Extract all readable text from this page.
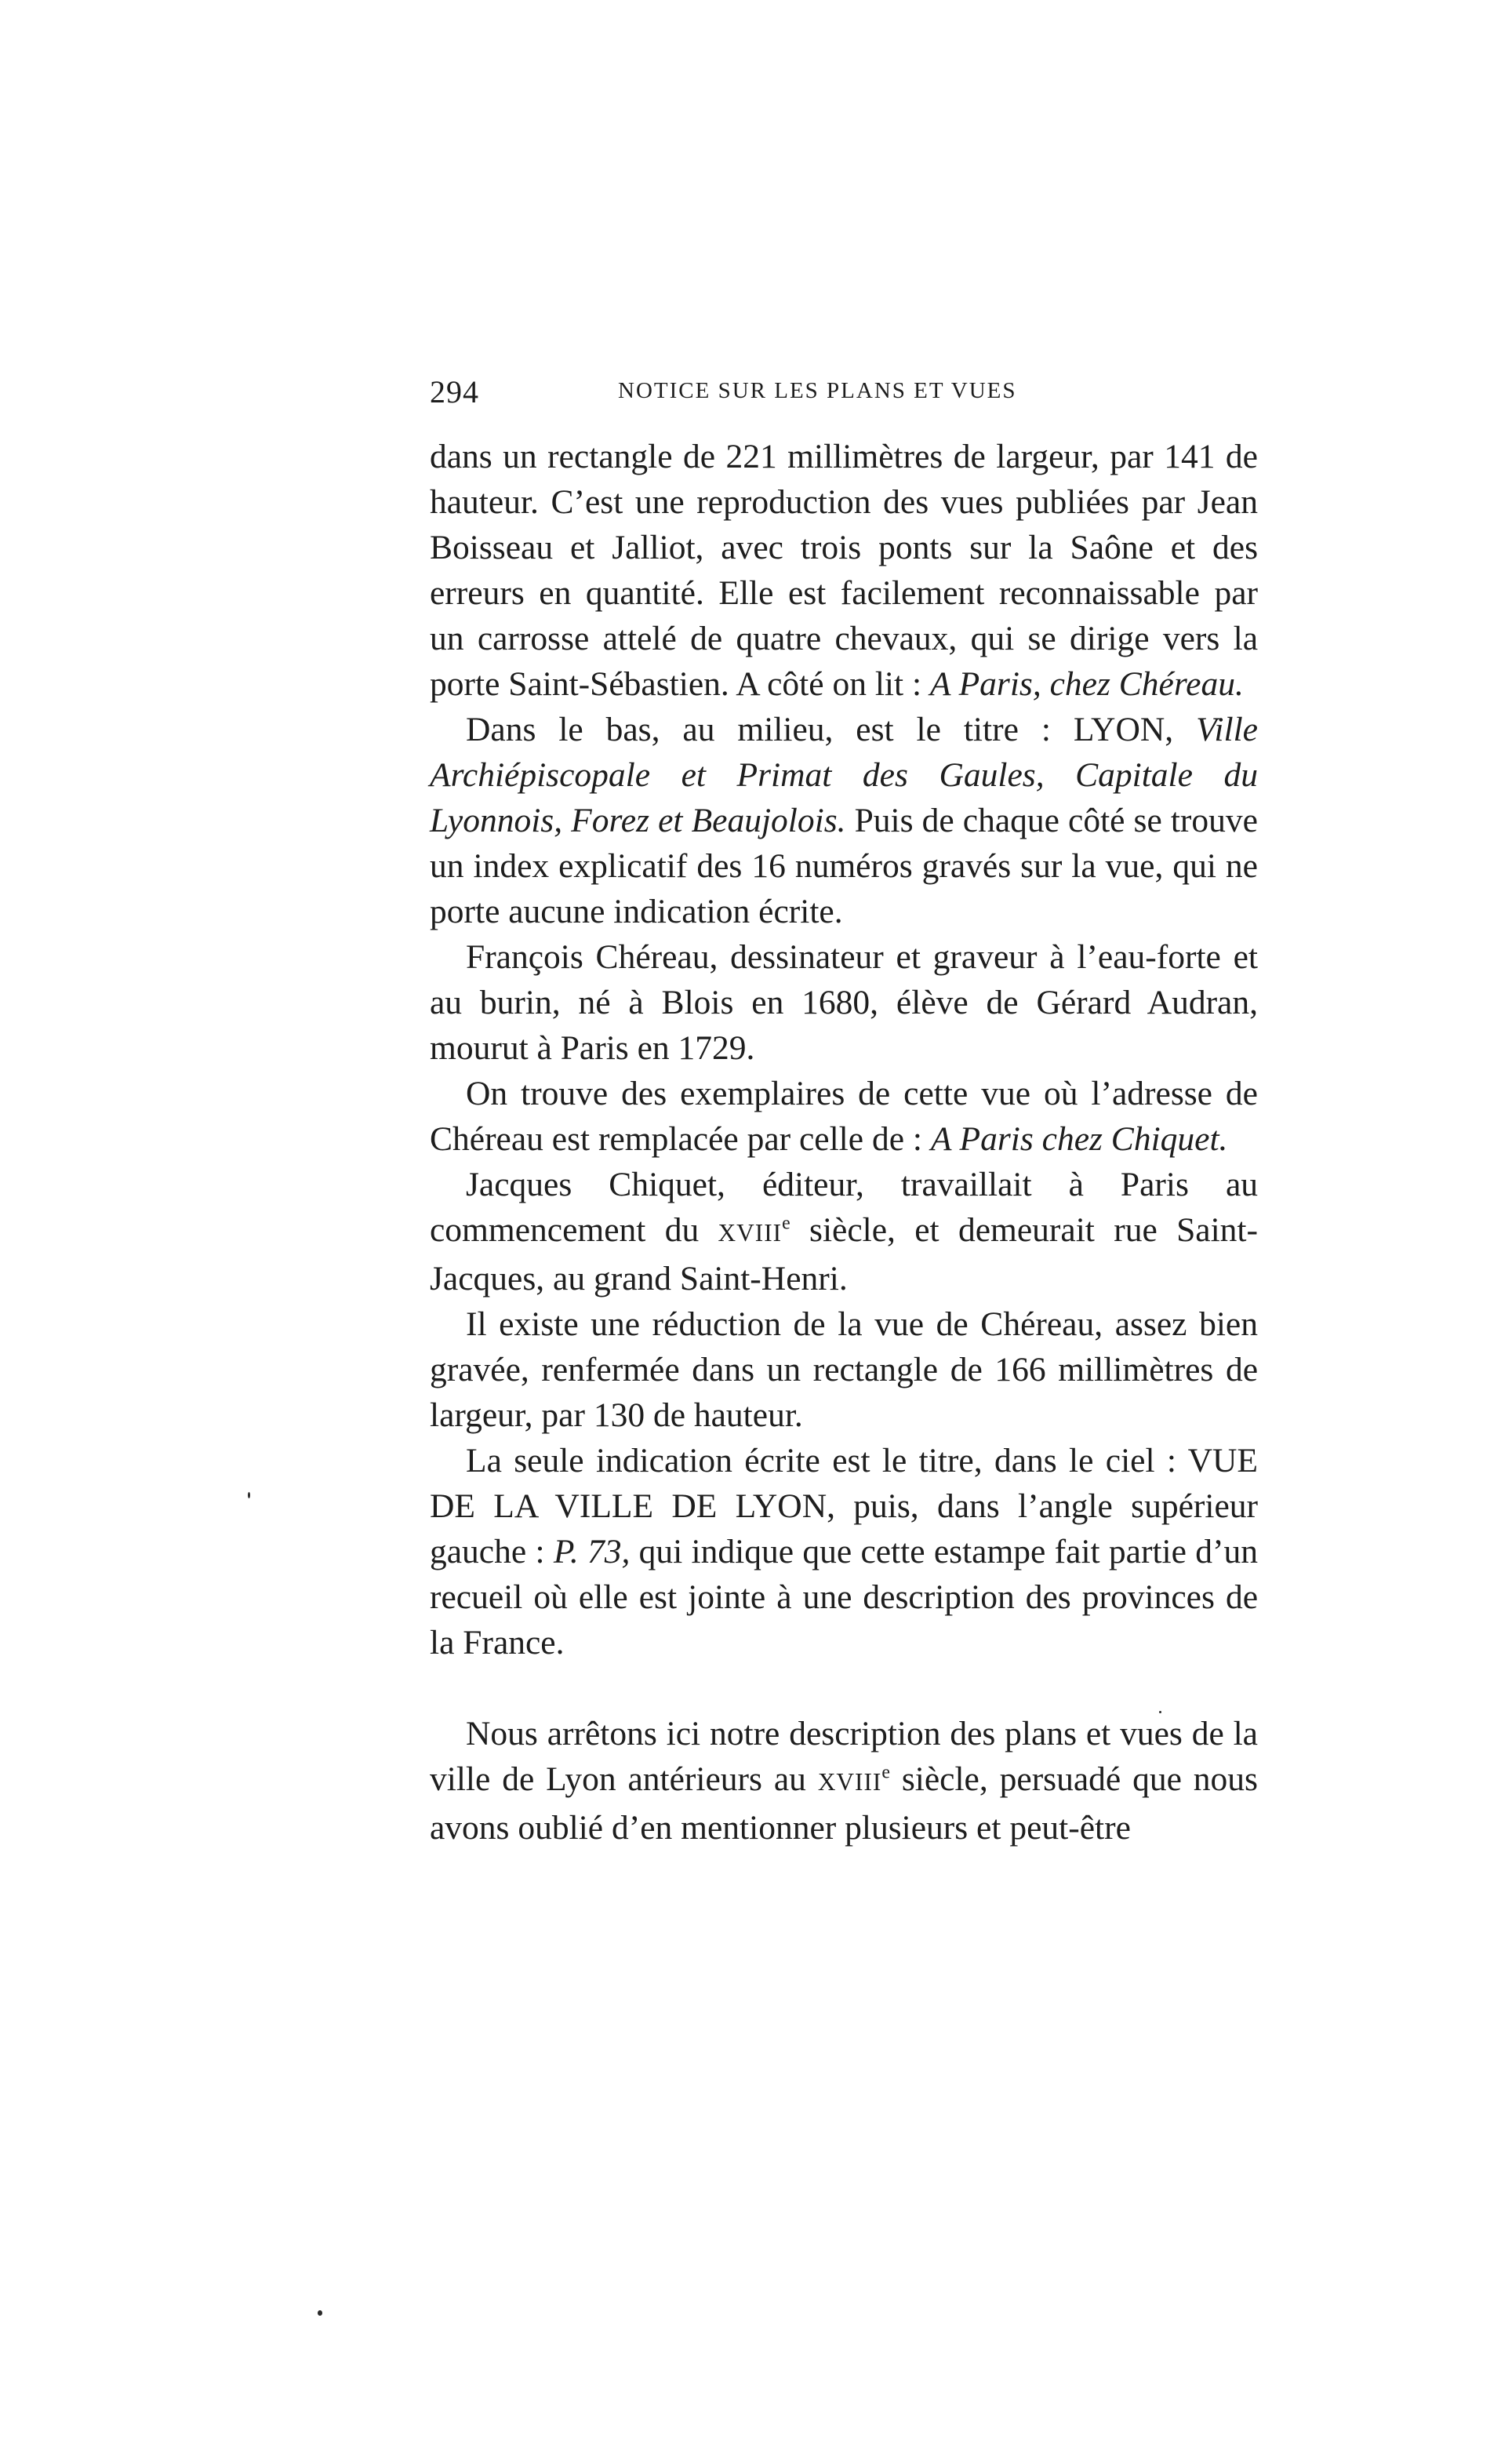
294	NOTICE SUR LES PLANS ET VUES

dans un rectangle de 221 millimètres de largeur, par 141 de hauteur. C’est une reproduction des vues publiées par Jean Boisseau et Jalliot, avec trois ponts sur la Saône et des erreurs en quantité. Elle est facilement reconnaissable par un carrosse attelé de quatre chevaux, qui se dirige vers la porte Saint-Sébastien. A côté on lit : A Paris, chez Chéreau.

Dans le bas, au milieu, est le titre : LYON, Ville Archiépiscopale et Primat des Gaules, Capitale du Lyonnois, Forez et Beaujolois. Puis de chaque côté se trouve un index explicatif des 16 numéros gravés sur la vue, qui ne porte aucune indication écrite.

François Chéreau, dessinateur et graveur à l’eau-forte et au burin, né à Blois en 1680, élève de Gérard Audran, mourut à Paris en 1729.

On trouve des exemplaires de cette vue où l’adresse de Chéreau est remplacée par celle de : A Paris chez Chiquet.

Jacques Chiquet, éditeur, travaillait à Paris au commencement du XVIIIe siècle, et demeurait rue Saint-Jacques, au grand Saint-Henri.

Il existe une réduction de la vue de Chéreau, assez bien gravée, renfermée dans un rectangle de 166 millimètres de largeur, par 130 de hauteur.

La seule indication écrite est le titre, dans le ciel : VUE DE LA VILLE DE LYON, puis, dans l’angle supérieur gauche : P. 73, qui indique que cette estampe fait partie d’un recueil où elle est jointe à une description des provinces de la France.

Nous arrêtons ici notre description des plans et vues de la ville de Lyon antérieurs au XVIIIe siècle, persuadé que nous avons oublié d’en mentionner plusieurs et peut-être
